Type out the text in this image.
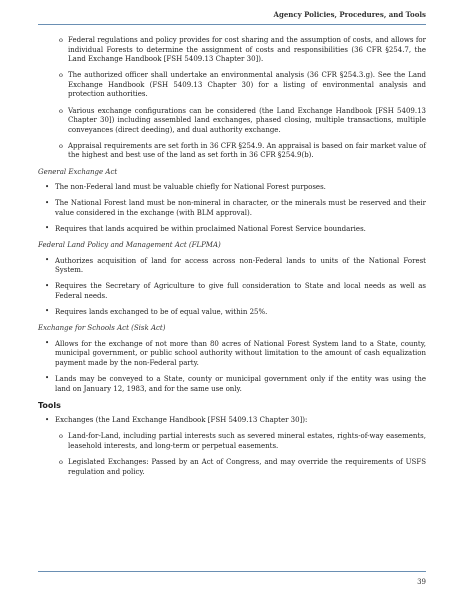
Agency Policies, Procedures, and Tools
o Federal regulations and policy provides for cost sharing and the assumption of costs, and allows for individual Forests to determine the assignment of costs and responsibilities (36 CFR §254.7, the Land Exchange Handbook [FSH 5409.13 Chapter 30]).
o The authorized officer shall undertake an environmental analysis (36 CFR §254.3.g). See the Land Exchange Handbook (FSH 5409.13 Chapter 30) for a listing of environmental analysis and protection authorities.
o Various exchange configurations can be considered (the Land Exchange Handbook [FSH 5409.13 Chapter 30]) including assembled land exchanges, phased closing, multiple transactions, multiple conveyances (direct deeding), and dual authority exchange.
o Appraisal requirements are set forth in 36 CFR §254.9. An appraisal is based on fair market value of the highest and best use of the land as set forth in 36 CFR §254.9(b).
General Exchange Act
• The non-Federal land must be valuable chiefly for National Forest purposes.
• The National Forest land must be non-mineral in character, or the minerals must be reserved and their value considered in the exchange (with BLM approval).
• Requires that lands acquired be within proclaimed National Forest Service boundaries.
Federal Land Policy and Management Act (FLPMA)
• Authorizes acquisition of land for access across non-Federal lands to units of the National Forest System.
• Requires the Secretary of Agriculture to give full consideration to State and local needs as well as Federal needs.
• Requires lands exchanged to be of equal value, within 25%.
Exchange for Schools Act (Sisk Act)
• Allows for the exchange of not more than 80 acres of National Forest System land to a State, county, municipal government, or public school authority without limitation to the amount of cash equalization payment made by the non-Federal party.
• Lands may be conveyed to a State, county or municipal government only if the entity was using the land on January 12, 1983, and for the same use only.
Tools
• Exchanges (the Land Exchange Handbook [FSH 5409.13 Chapter 30]):
o Land-for-Land, including partial interests such as severed mineral estates, rights-of-way easements, leasehold interests, and long-term or perpetual easements.
o Legislated Exchanges: Passed by an Act of Congress, and may override the requirements of USFS regulation and policy.
39
